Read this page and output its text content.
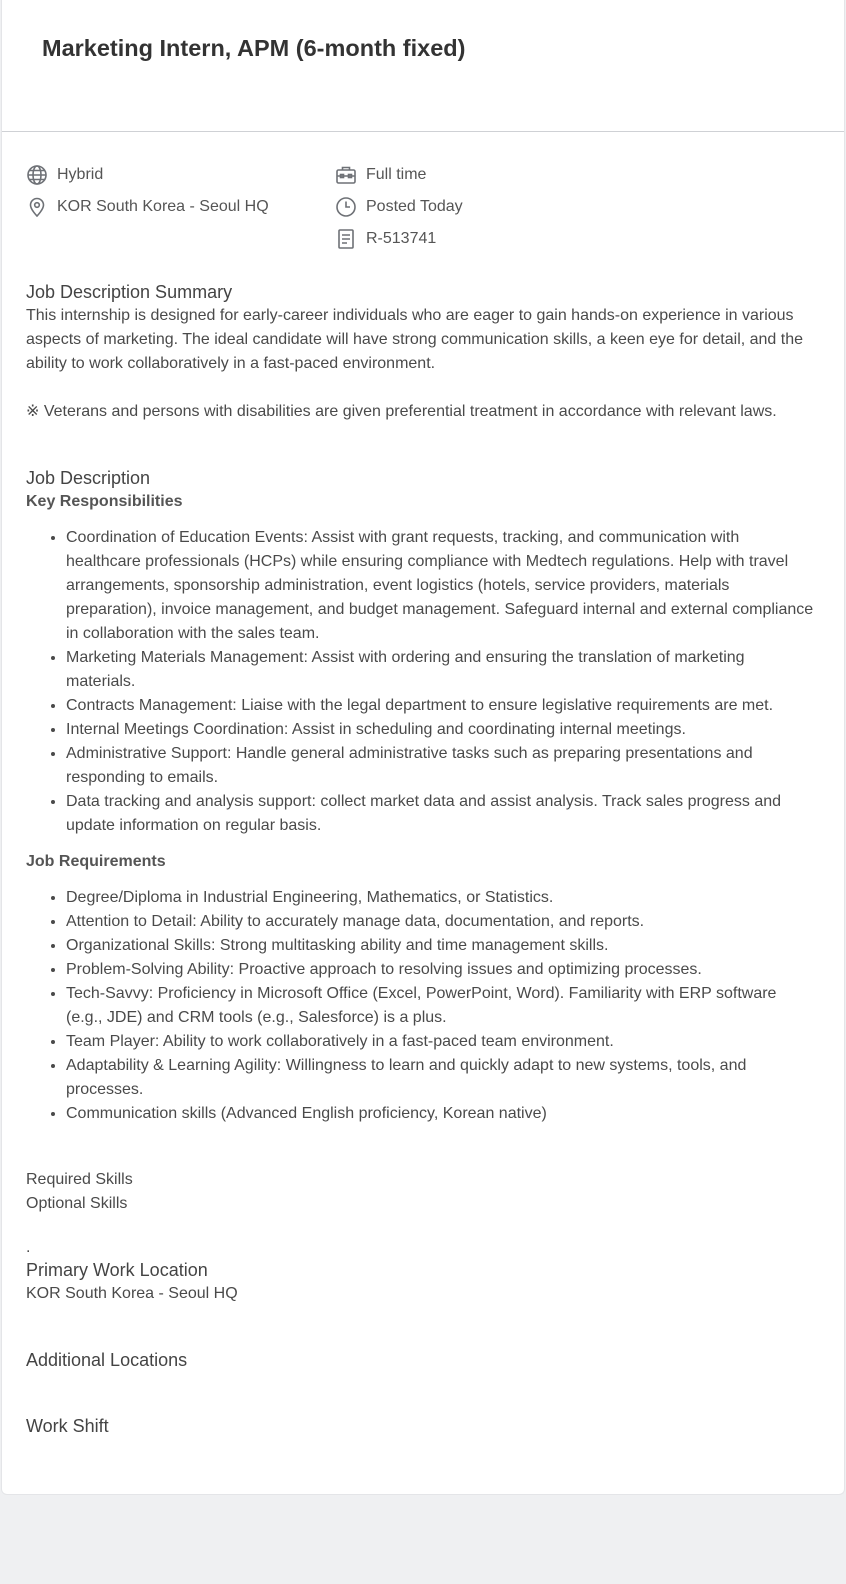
Marketing Intern, APM (6-month fixed)
Hybrid
KOR South Korea - Seoul HQ
Full time
Posted Today
R-513741
Job Description Summary

This internship is designed for early-career individuals who are eager to gain hands-on experience in various aspects of marketing. The ideal candidate will have strong communication skills, a keen eye for detail, and the ability to work collaboratively in a fast-paced environment.

※ Veterans and persons with disabilities are given preferential treatment in accordance with relevant laws.

Job Description
Key Responsibilities
• Coordination of Education Events: Assist with grant requests, tracking, and communication with healthcare professionals (HCPs) while ensuring compliance with Medtech regulations. Help with travel arrangements, sponsorship administration, event logistics (hotels, service providers, materials preparation), invoice management, and budget management. Safeguard internal and external compliance in collaboration with the sales team.
• Marketing Materials Management: Assist with ordering and ensuring the translation of marketing materials.
• Contracts Management: Liaise with the legal department to ensure legislative requirements are met.
• Internal Meetings Coordination: Assist in scheduling and coordinating internal meetings.
• Administrative Support: Handle general administrative tasks such as preparing presentations and responding to emails.
• Data tracking and analysis support: collect market data and assist analysis. Track sales progress and update information on regular basis.
Job Requirements
• Degree/Diploma in Industrial Engineering, Mathematics, or Statistics.
• Attention to Detail: Ability to accurately manage data, documentation, and reports.
• Organizational Skills: Strong multitasking ability and time management skills.
• Problem-Solving Ability: Proactive approach to resolving issues and optimizing processes.
• Tech-Savvy: Proficiency in Microsoft Office (Excel, PowerPoint, Word). Familiarity with ERP software (e.g., JDE) and CRM tools (e.g., Salesforce) is a plus.
• Team Player: Ability to work collaboratively in a fast-paced team environment.
• Adaptability & Learning Agility: Willingness to learn and quickly adapt to new systems, tools, and processes.
• Communication skills (Advanced English proficiency, Korean native)

Required Skills

Optional Skills

.

Primary Work Location

KOR South Korea - Seoul HQ

Additional Locations
Work Shift
